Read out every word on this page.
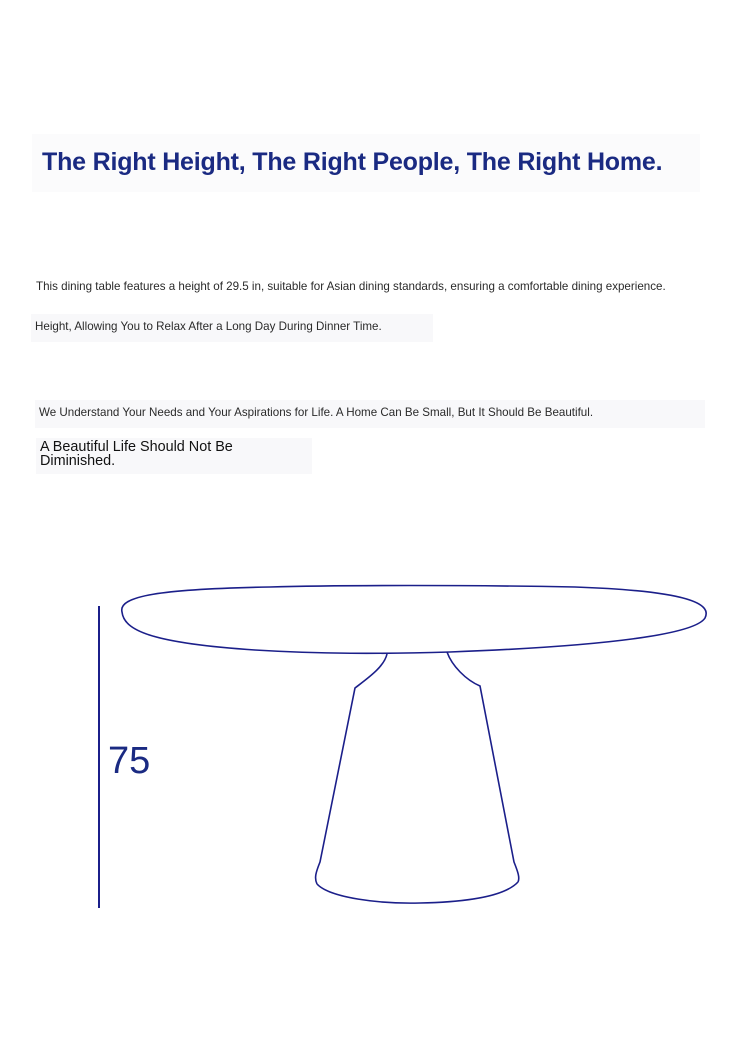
The Right Height, The Right People, The Right Home.

This dining table features a height of 29.5 in, suitable for Asian dining standards, ensuring a comfortable dining experience.

Height, Allowing You to Relax After a Long Day During Dinner Time.

We Understand Your Needs and Your Aspirations for Life. A Home Can Be Small, But It Should Be Beautiful.

A Beautiful Life Should Not Be Diminished.

75
